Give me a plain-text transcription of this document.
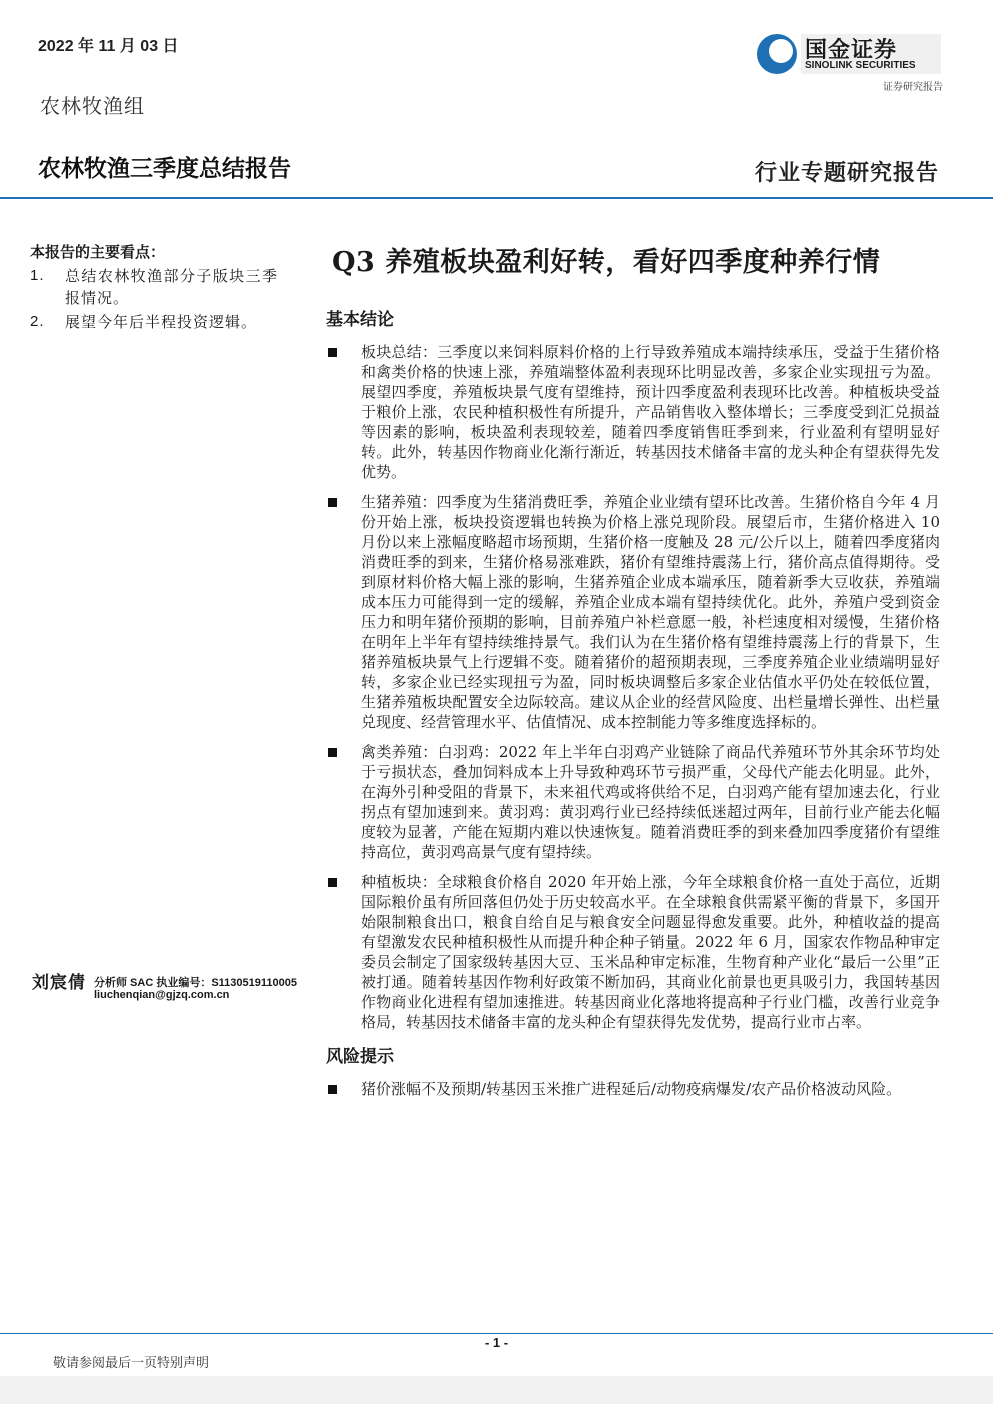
2022 年 11 月 03 日
农林牧渔组
农林牧渔三季度总结报告	行业专题研究报告
国金证券
SINOLINK SECURITIES
证券研究报告
本报告的主要看点：
1. 总结农林牧渔部分子版块三季报情况。
2. 展望今年后半程投资逻辑。
刘宸倩 分析师 SAC 执业编号：S1130519110005
liuchenqian@gjzq.com.cn
Q3 养殖板块盈利好转，看好四季度种养行情
基本结论
板块总结：三季度以来饲料原料价格的上行导致养殖成本端持续承压，受益于生猪价格和禽类价格的快速上涨，养殖端整体盈利表现环比明显改善，多家企业实现扭亏为盈。展望四季度，养殖板块景气度有望维持，预计四季度盈利表现环比改善。种植板块受益于粮价上涨，农民种植积极性有所提升，产品销售收入整体增长；三季度受到汇兑损益等因素的影响，板块盈利表现较差，随着四季度销售旺季到来，行业盈利有望明显好转。此外，转基因作物商业化渐行渐近，转基因技术储备丰富的龙头种企有望获得先发优势。
生猪养殖：四季度为生猪消费旺季，养殖企业业绩有望环比改善。生猪价格自今年 4 月份开始上涨，板块投资逻辑也转换为价格上涨兑现阶段。展望后市，生猪价格进入 10 月份以来上涨幅度略超市场预期，生猪价格一度触及 28 元/公斤以上，随着四季度猪肉消费旺季的到来，生猪价格易涨难跌，猪价有望维持震荡上行，猪价高点值得期待。受到原材料价格大幅上涨的影响，生猪养殖企业成本端承压，随着新季大豆收获，养殖端成本压力可能得到一定的缓解，养殖企业成本端有望持续优化。此外，养殖户受到资金压力和明年猪价预期的影响，目前养殖户补栏意愿一般，补栏速度相对缓慢，生猪价格在明年上半年有望持续维持景气。我们认为在生猪价格有望维持震荡上行的背景下，生猪养殖板块景气上行逻辑不变。随着猪价的超预期表现，三季度养殖企业业绩端明显好转，多家企业已经实现扭亏为盈，同时板块调整后多家企业估值水平仍处在较低位置，生猪养殖板块配置安全边际较高。建议从企业的经营风险度、出栏量增长弹性、出栏量兑现度、经营管理水平、估值情况、成本控制能力等多维度选择标的。
禽类养殖：白羽鸡：2022 年上半年白羽鸡产业链除了商品代养殖环节外其余环节均处于亏损状态，叠加饲料成本上升导致种鸡环节亏损严重，父母代产能去化明显。此外，在海外引种受阻的背景下，未来祖代鸡或将供给不足，白羽鸡产能有望加速去化，行业拐点有望加速到来。黄羽鸡：黄羽鸡行业已经持续低迷超过两年，目前行业产能去化幅度较为显著，产能在短期内难以快速恢复。随着消费旺季的到来叠加四季度猪价有望维持高位，黄羽鸡高景气度有望持续。
种植板块：全球粮食价格自 2020 年开始上涨，今年全球粮食价格一直处于高位，近期国际粮价虽有所回落但仍处于历史较高水平。在全球粮食供需紧平衡的背景下，多国开始限制粮食出口，粮食自给自足与粮食安全问题显得愈发重要。此外，种植收益的提高有望激发农民种植积极性从而提升种企种子销量。2022 年 6 月，国家农作物品种审定委员会制定了国家级转基因大豆、玉米品种审定标准，生物育种产业化“最后一公里”正被打通。随着转基因作物利好政策不断加码，其商业化前景也更具吸引力，我国转基因作物商业化进程有望加速推进。转基因商业化落地将提高种子行业门槛，改善行业竞争格局，转基因技术储备丰富的龙头种企有望获得先发优势，提高行业市占率。
风险提示
猪价涨幅不及预期/转基因玉米推广进程延后/动物疫病爆发/农产品价格波动风险。
- 1 -
敬请参阅最后一页特别声明
